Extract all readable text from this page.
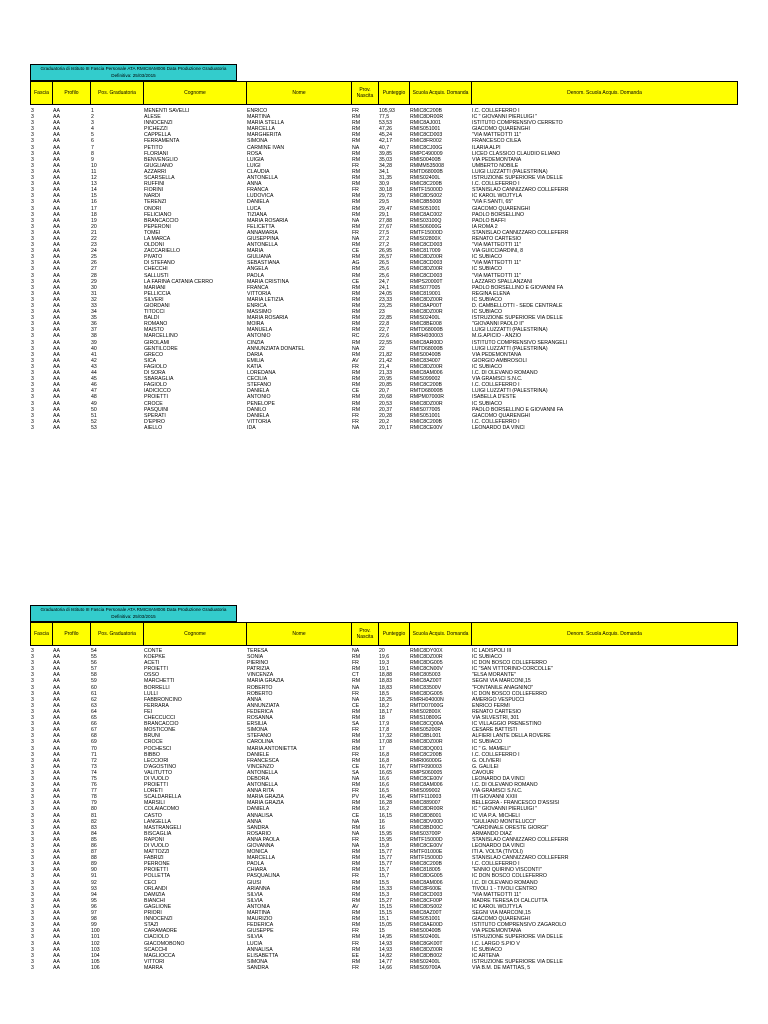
Graduatoria di Istituto III Fascia Personale ATA RMIC8AM006 Data Produzione Graduatoria Definitiva: 25/03/2015
Fascia	Profilo	Pos. Graduatoria	Cognome	Nome	Prov. Nascita	Punteggio	Scuola Acquis. Domanda	Denom. Scuola Acquis. Domanda
3	AA	1	MENENTI SAVELLI	ENRICO	FR	105,93	RMIC8C200B	I.C. COLLEFERRO I
3	AA	2	ALESE	MARTINA	RM	77,5	RMIC8DR00R	IC " GIOVANNI PIERLUIGI "
3	AA	3	INNOCENZI	MARIA STELLA	RM	53,53	RMIC8AJ001	ISTITUTO COMPRENSIVO CERRETO
3	AA	4	PICHEZZI	MARCELLA	RM	47,26	RMIS051001	GIACOMO QUARENGHI
3	AA	5	CAPPELLA	MARGHERITA	RM	45,24	RMIC8CD003	"VIA MATTEOTTI 11"
3	AA	6	FERRAMENTA	SIMONA	RM	42,17	RMIC8FR002	FRANCESCO CILEA
3	AA	7	PETITO	CARMINE IVAN	NA	40,7	RMIC8CJ00G	ILARIA ALPI
3	AA	8	FLORIANI	ROSA	RM	39,85	RMPC490009	LICEO CLASSICO CLAUDIO ELIANO
3	AA	9	BENVENGLIO	LUIGIA	RM	35,03	RMIS00400B	VIA PEDEMONTANA
3	AA	10	GIUGLIANO	LUIGI	FR	34,28	RMMM535008	UMBERTO NOBILE
3	AA	11	AZZARRI	CLAUDIA	RM	34,1	RMTD68000B	LUIGI LUZZATTI (PALESTRINA)
3	AA	12	SCARSELLA	ANTONELLA	RM	31,35	RMIS02400L	ISTRUZIONE SUPERIORE VIA DELLE
3	AA	13	RUFFINI	ANNA	RM	30,9	RMIC8C200B	I.C. COLLEFERRO I
3	AA	14	FIORINI	FRANCA	FR	30,18	RMTF15000D	STANISLAO CANNIZZARO COLLEFERR
3	AA	15	NARDI	LUDOVICA	RM	29,73	RMIC8DS002	IC KAROL WOJTYLA
3	AA	16	TERENZI	DANIELA	RM	29,5	RMIC8B5008	"VIA F.SANTI, 65"
3	AA	17	ONORI	LUCA	RM	29,47	RMIS051001	GIACOMO QUARENGHI
3	AA	18	FELICIANO	TIZIANA	RM	29,1	RMIC8AC002	PAOLO BORSELLINO
3	AA	19	BRANCACCIO	MARIA ROSARIA	NA	27,88	RMIS03100Q	PAOLO BAFFI
3	AA	20	PEPERONI	FELICETTA	RM	27,67	RMIS06000G	IA ROMA 2
3	AA	21	TOMEI	ANNAMARIA	FR	27,5	RMTF15000D	STANISLAO CANNIZZARO COLLEFERR
3	AA	22	LA MARCA	GIUSEPPINA	NA	27,2	RMIS02800X	RENATO CARTESIO
3	AA	23	OLDONI	ANTONELLA	RM	27,2	RMIC8CD003	"VIA MATTEOTTI 11"
3	AA	24	ZACCARIELLO	MARIA	CE	26,95	RMIC817009	VIA GUICCIARDINI, 8
3	AA	25	PIVATO	GIULIANA	RM	26,57	RMIC8DZ00R	IC SUBIACO
3	AA	26	DI STEFANO	SEBASTIANA	AG	26,5	RMIC8CD003	"VIA MATTEOTTI 11"
3	AA	27	CHECCHI	ANGELA	RM	25,6	RMIC8DZ00R	IC SUBIACO
3	AA	28	SALLUSTI	PAOLA	RM	25,6	RMIC8CD003	"VIA MATTEOTTI 11"
3	AA	29	LA FARINA CATANIA CERRO	MARIA CRISTINA	CE	24,7	RMPS20000T	LAZZARO SPALLANZANI
3	AA	30	MARIANI	FRANCA	RM	24,1	RMIS077005	PAOLO BORSELLINO E GIOVANNI FA
3	AA	31	PELLICCIA	VITTORIA	RM	24,05	RMIC819001	REGINA ELENA
3	AA	32	SILVERI	MARIA LETIZIA	RM	23,33	RMIC8DZ00R	IC SUBIACO
3	AA	33	GIORDANI	ENRICA	RM	23,25	RMIC8AP00T	D. CAMBELLOTTI - SEDE CENTRALE
3	AA	34	TITOCCI	MASSIMO	RM	23	RMIC8DZ00R	IC SUBIACO
3	AA	35	BALDI	MARIA ROSARIA	RM	22,85	RMIS02400L	ISTRUZIONE SUPERIORE VIA DELLE
3	AA	36	ROMANO	MOIRA	RM	22,8	RMIC8BE008	"GIOVANNI PAOLO II"
3	AA	37	MAISTO	MANUELA	RM	22,7	RMTD68000B	LUIGI LUZZATTI (PALESTRINA)
3	AA	38	MARCELLINO	ANTONIO	RC	22,6	RMRH030003	M.G.APICIO - ANZIO
3	AA	39	GIROLAMI	CINZIA	RM	22,55	RMIC8AR00D	ISTITUTO COMPRENSIVO SERANGELI
3	AA	40	GENTILCORE	ANNUNZIATA DONATEL	NA	22	RMTD68000B	LUIGI LUZZATTI (PALESTRINA)
3	AA	41	GRECO	DARIA	RM	21,82	RMIS00400B	VIA PEDEMONTANA
3	AA	42	SICA	EMILIA	AV	21,42	RMIC834007	GIORGIO AMBROSOLI
3	AA	43	FAGIOLO	KATIA	FR	21,4	RMIC8DZ00R	IC SUBIACO
3	AA	44	DI SORA	LOREDANA	RM	21,33	RMIC8AM006	I.C. DI OLEVANO ROMANO
3	AA	45	SBARAGLIA	CECILIA	RM	20,95	RMIS099002	VIA GRAMSCI S.N.C.
3	AA	46	FAGIOLO	STEFANO	RM	20,85	RMIC8C200B	I.C. COLLEFERRO I
3	AA	47	IADICICCO	DANIELA	CE	20,7	RMTD68000B	LUIGI LUZZATTI (PALESTRINA)
3	AA	48	PROIETTI	ANTONIO	RM	20,68	RMPM07000R	ISABELLA D'ESTE
3	AA	49	CROCE	PENELOPE	RM	20,53	RMIC8DZ00R	IC SUBIACO
3	AA	50	PASQUINI	DANILO	RM	20,37	RMIS077005	PAOLO BORSELLINO E GIOVANNI FA
3	AA	51	SPERATI	DANIELA	FR	20,28	RMIS051001	GIACOMO QUARENGHI
3	AA	52	D'EPIRO	VITTORIA	FR	20,2	RMIC8C200B	I.C. COLLEFERRO I
3	AA	53	AIELLO	IDA	NA	20,17	RMIC8CE00V	LEONARDO DA VINCI
Graduatoria di Istituto III Fascia Personale ATA RMIC8AM006 Data Produzione Graduatoria Definitiva: 25/03/2015
Fascia	Profilo	Pos. Graduatoria	Cognome	Nome	Prov. Nascita	Punteggio	Scuola Acquis. Domanda	Denom. Scuola Acquis. Domanda
3	AA	54	CONTE	TERESA	NA	20	RMIC8DY00X	IC LADISPOLI III
3	AA	55	KOEPKE	SONIA	RM	19,6	RMIC8DZ00R	IC SUBIACO
3	AA	56	ACETI	PIERINO	FR	19,3	RMIC8DG005	IC DON BOSCO COLLEFERRO
3	AA	57	PROIETTI	PATRIZIA	RM	19,1	RMIC8CN00V	IC "SAN VITTORINO-CORCOLLE"
3	AA	58	OSSO	VINCENZA	CT	18,88	RMIC805003	"ELSA MORANTE"
3	AA	59	MARCHETTI	MARIA GRAZIA	RM	18,83	RMIC8AZ00T	SEGNI VIA MARCONI,15
3	AA	60	BORRELLI	ROBERTO	NA	18,83	RMIC83500V	"FONTANILE ANAGNINO"
3	AA	61	LULLI	ROBERTO	FR	18,5	RMIC8DG005	IC DON BOSCO COLLEFERRO
3	AA	62	FABBRONCINO	ANNA	NA	18,25	RMRH04000N	AMERIGO VESPUCCI
3	AA	63	FERRARA	ANNUNZIATA	CE	18,2	RMTD07000G	ENRICO FERMI
3	AA	64	FEI	FEDERICA	RM	18,17	RMIS02800X	RENATO CARTESIO
3	AA	65	CHECCUCCI	ROSANNA	RM	18	RMIS10800G	VIA SILVESTRI, 301
3	AA	66	BRANCACCIO	ERSILIA	SA	17,9	RMIC8CQ00A	IC VILLAGGIO PRENESTINO
3	AA	67	MOSTICONE	SIMONA	FR	17,8	RMIS05200R	CESARE BATTISTI
3	AA	68	BRUNI	STEFANO	RM	17,32	RMIC8BL001	ALFIERI LANTE DELLA ROVERE
3	AA	69	CROCE	CAROLINA	RM	17,08	RMIC8DZ00R	IC SUBIACO
3	AA	70	POCHESCI	MARIA ANTONIETTA	RM	17	RMIC8DQ001	IC " G. MAMELI"
3	AA	71	BIBBO	DANIELE	FR	16,8	RMIC8C200B	I.C. COLLEFERRO I
3	AA	72	LECCIORI	FRANCESCA	RM	16,8	RMRI06000G	G. OLIVIERI
3	AA	73	D'AGOSTINO	VINCENZO	CE	16,77	RMTF090003	G. GALILEI
3	AA	74	VALITUTTO	ANTONELLA	SA	16,65	RMPS060005	CAVOUR
3	AA	75	DI VUOLO	DEBORA	NA	16,6	RMIC8CE00V	LEONARDO DA VINCI
3	AA	76	PROIETTI	ANTONELLA	RM	16,6	RMIC8AM006	I.C. DI OLEVANO ROMANO
3	AA	77	LORETI	ANNA RITA	FR	16,5	RMIS099002	VIA GRAMSCI S.N.C.
3	AA	78	SCALDARELLA	MARIA GRAZIA	PV	16,45	RMTF110003	ITI GIOVANNI XXIII
3	AA	79	MARSILI	MARIA GRAZIA	RM	16,28	RMIC889007	BELLEGRA - FRANCESCO D'ASSISI
3	AA	80	COLAIACOMO	DANIELA	RM	16,2	RMIC8DR00R	IC " GIOVANNI PIERLUIGI "
3	AA	81	CASTO	ANNALISA	CE	16,15	RMIC8D8001	IC VIA P.A. MICHELI
3	AA	82	LANGELLA	ANNA	NA	16	RMIC8DV00D	"GIULIANO MONTELUCCI"
3	AA	83	MASTRANGELI	SANDRA	RM	16	RMIC8BD00C	"CARDINALE ORESTE GIORGI"
3	AA	84	BISCAGLIA	ROSARIO	NA	15,95	RMIS03700P	ARMANDO DIAZ
3	AA	85	RAPONI	ANNA PAOLA	FR	15,95	RMTF15000D	STANISLAO CANNIZZARO COLLEFERR
3	AA	86	DI VUOLO	GIOVANNA	NA	15,8	RMIC8CE00V	LEONARDO DA VINCI
3	AA	87	MATTOZZI	MONICA	RM	15,77	RMTF01000E	ITI A. VOLTA (TIVOLI)
3	AA	88	FABRIZI	MARCELLA	RM	15,77	RMTF15000D	STANISLAO CANNIZZARO COLLEFERR
3	AA	89	PERRONE	PAOLA	RM	15,77	RMIC8C200B	I.C. COLLEFERRO I
3	AA	90	PROIETTI	CHIARA	RM	15,7	RMIC818005	"ENNIO QUIRINO VISCONTI"
3	AA	91	POLLETTA	PASQUALINA	FR	15,7	RMIC8DG005	IC DON BOSCO COLLEFERRO
3	AA	92	CECI	GIUSI	RM	15,5	RMIC8AM006	I.C. DI OLEVANO ROMANO
3	AA	93	ORLANDI	ARIANNA	RM	15,33	RMIC8F600E	TIVOLI 1 - TIVOLI CENTRO
3	AA	94	DAMIZIA	SILVIA	RM	15,3	RMIC8CD003	"VIA MATTEOTTI 11"
3	AA	95	BIANCHI	SILVIA	RM	15,27	RMIC8CF00P	MADRE TERESA DI CALCUTTA
3	AA	96	GAGLIONE	ANTONIA	AV	15,15	RMIC8DS002	IC KAROL WOJTYLA
3	AA	97	PRIORI	MARTINA	RM	15,15	RMIC8AZ00T	SEGNI VIA MARCONI,15
3	AA	98	INNOCENZI	MAURIZIO	RM	15,1	RMIS051001	GIACOMO QUARENGHI
3	AA	99	STAZI	FEDERICA	RM	15,05	RMIC8AE00D	ISTITUTO COMPRENSIVO ZAGAROLO
3	AA	100	CARAMADRE	GIUSEPPE	FR	15	RMIS00400B	VIA PEDEMONTANA
3	AA	101	CIACIOLO	SILVIA	RM	14,95	RMIS02400L	ISTRUZIONE SUPERIORE VIA DELLE
3	AA	102	GIACOMOBONO	LUCIA	FR	14,93	RMIC8GK00T	I.C. LARGO S.PIO V
3	AA	103	SCACCHI	ANNALISA	RM	14,93	RMIC8DZ00R	IC SUBIACO
3	AA	104	MAGLIOCCA	ELISABETTA	EE	14,82	RMIC8DB002	IC ARTENA
3	AA	105	VITTORI	SIMONA	RM	14,77	RMIS02400L	ISTRUZIONE SUPERIORE VIA DELLE
3	AA	106	MARRA	SANDRA	FR	14,66	RMIS09700A	VIA B.M. DE MATTIAS, 5
